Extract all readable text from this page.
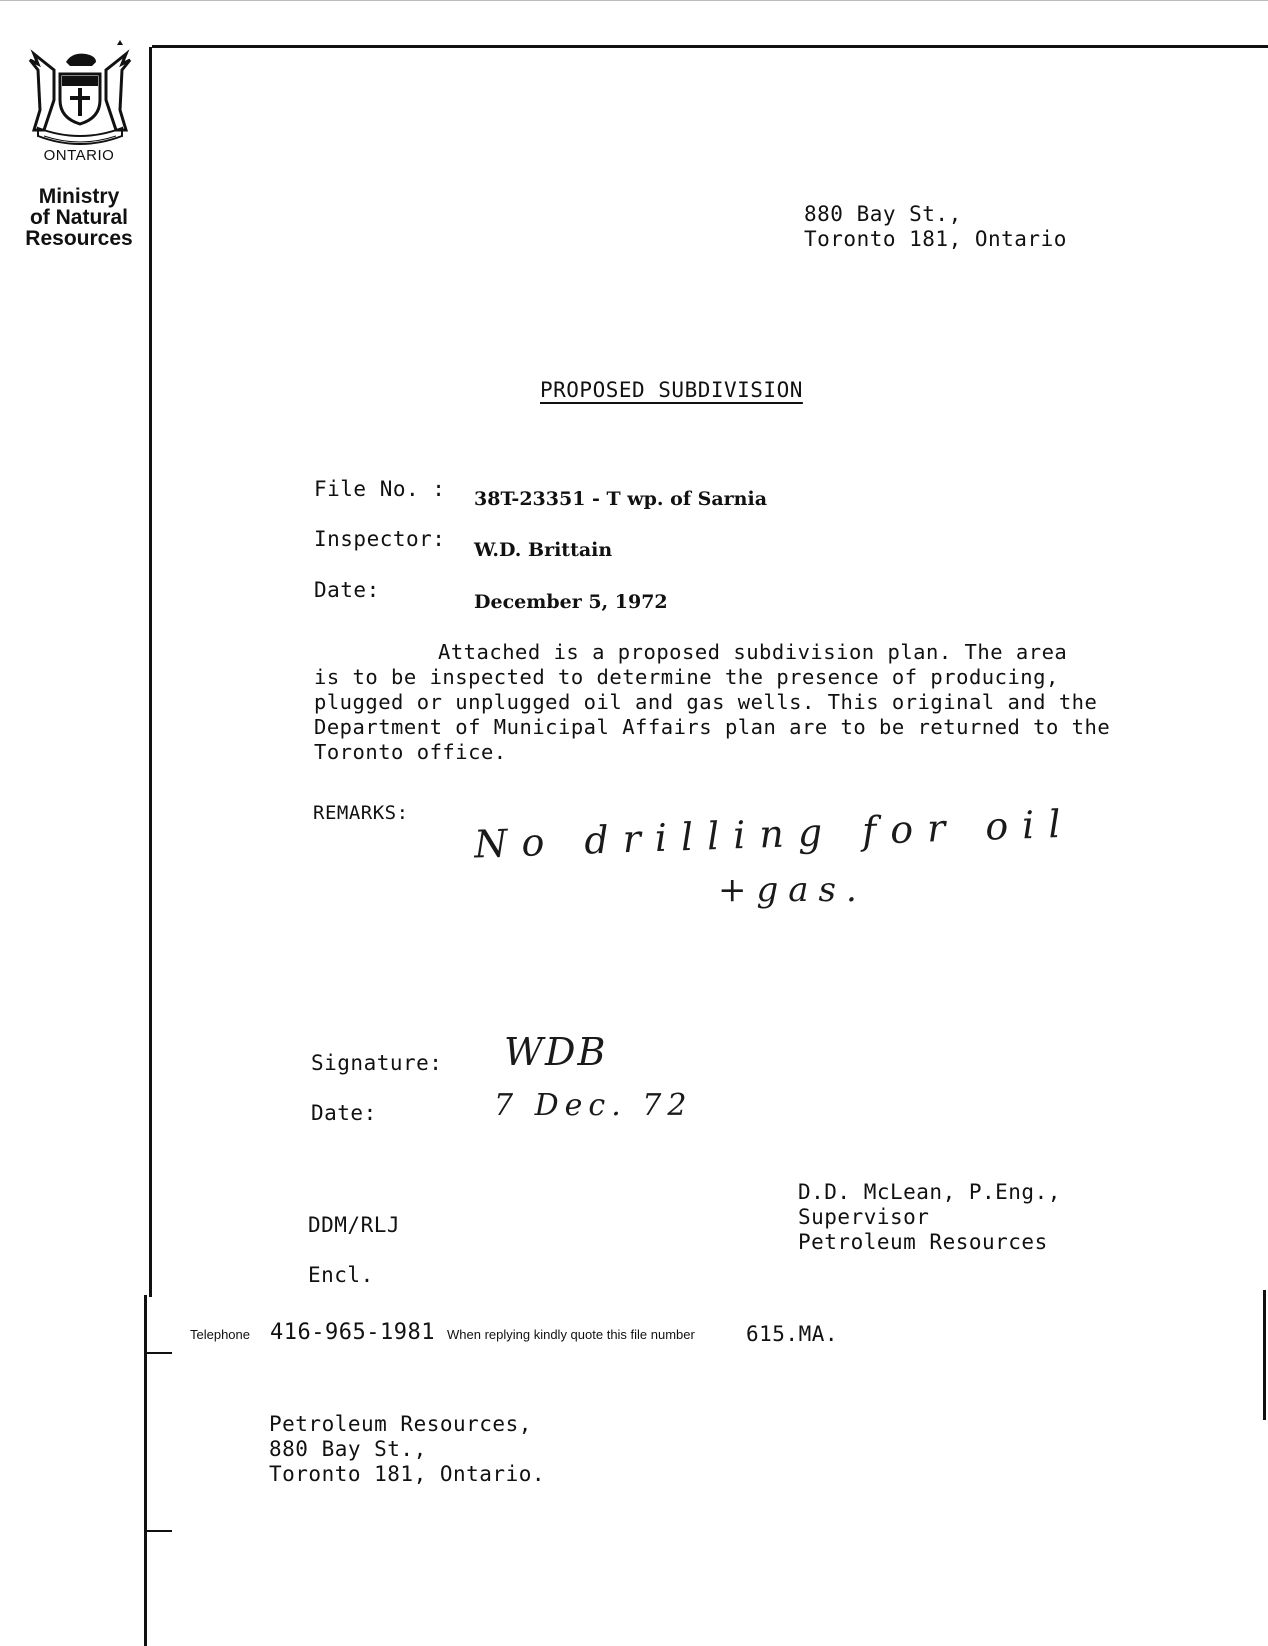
ONTARIO
Ministry
of Natural
Resources
880 Bay St.,
Toronto 181, Ontario
PROPOSED SUBDIVISION
File No. : 38T-23351 - T wp. of Sarnia
Inspector: W.D. Brittain
Date:	December 5, 1972
Attached is a proposed subdivision plan. The area
is to be inspected to determine the presence of producing,
plugged or unplugged oil and gas wells. This original and the
Department of Municipal Affairs plan are to be returned to the
Toronto office.
REMARKS: No drilling for oil
+gas.
Signature: WDB
Date:	7 Dec. 72
D.D. McLean, P.Eng.,
Supervisor
Petroleum Resources
DDM/RLJ
Encl.
Telephone 416-965-1981 When replying kindly quote this file number 615.MA.
Petroleum Resources,
880 Bay St.,
Toronto 181, Ontario.
